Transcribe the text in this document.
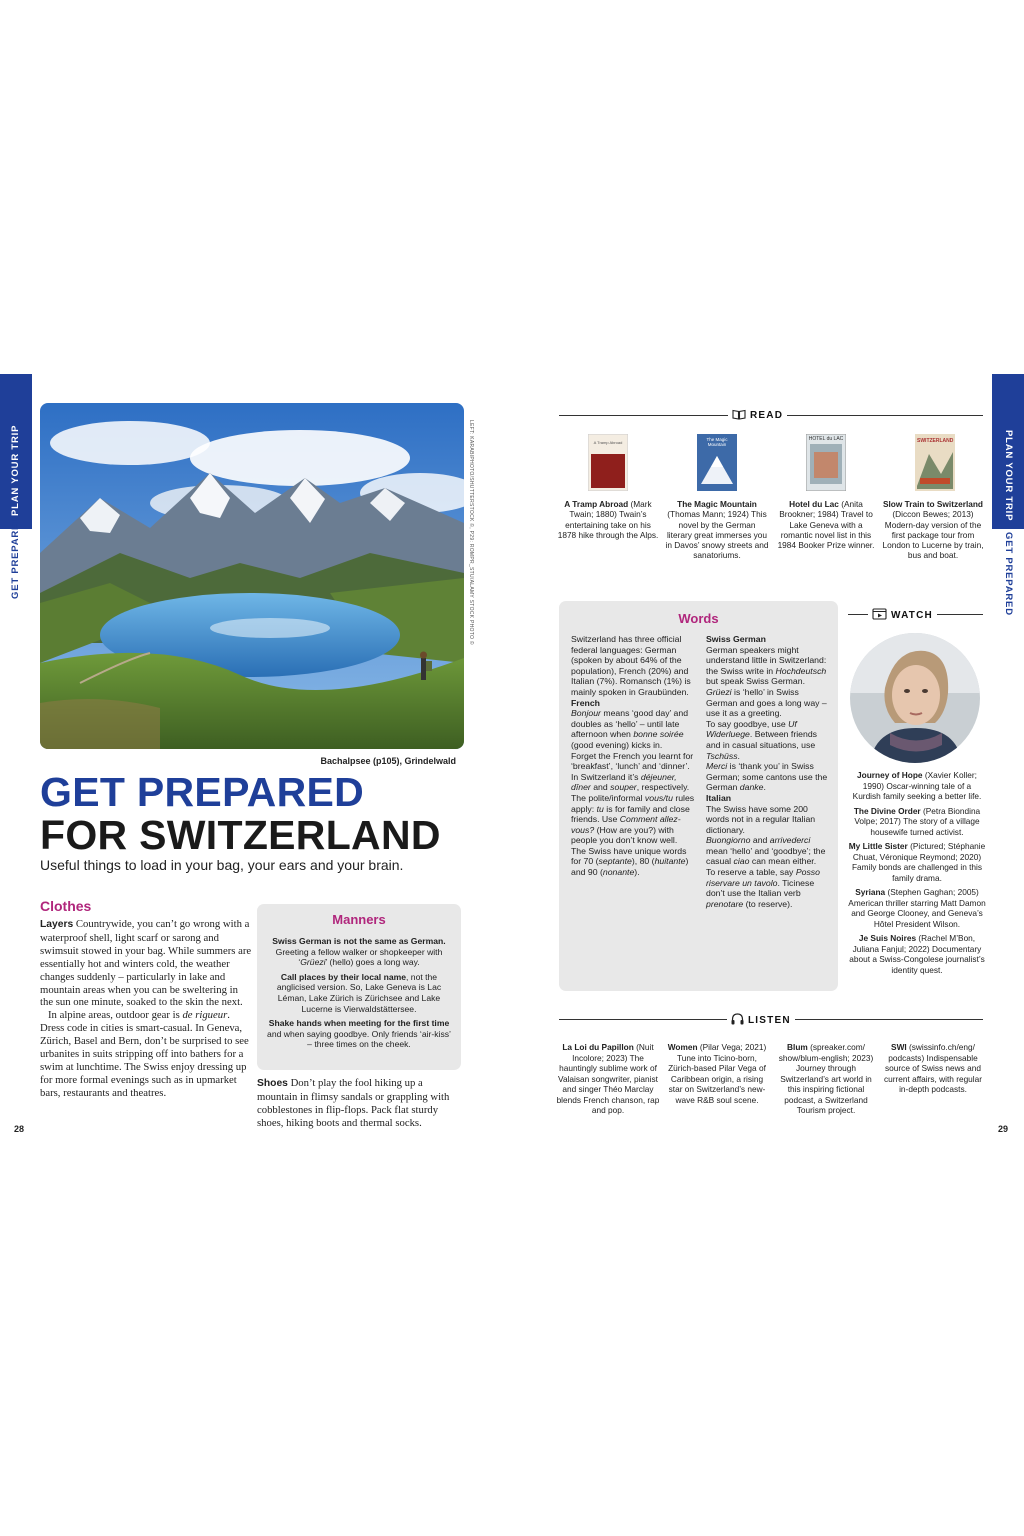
PLAN YOUR TRIP
GET PREPARED
PLAN YOUR TRIP
GET PREPARED
LEFT: KARABIPHOTO/SHUTTERSTOCK ©, P29: ROMPR_STU/ALAMY STOCK PHOTO ©
Bachalpsee (p105), Grindelwald
GET PREPARED
FOR SWITZERLAND
Useful things to load in your bag, your ears and your brain.
Clothes

Layers Countrywide, you can’t go wrong with a waterproof shell, light scarf or sarong and swimsuit stowed in your bag. While summers are essentially hot and winters cold, the weather changes suddenly – particularly in lake and mountain areas when you can be sweltering in the sun one minute, soaked to the skin the next.

In alpine areas, outdoor gear is de rigueur. Dress code in cities is smart-casual. In Geneva, Zürich, Basel and Bern, don’t be surprised to see urbanites in suits stripping off into bathers for a swim at lunchtime. The Swiss enjoy dressing up for more formal evenings such as in upmarket bars, restaurants and theatres.

Shoes Don’t play the fool hiking up a mountain in flimsy sandals or grappling with cobblestones in flip-flops. Pack flat sturdy shoes, hiking boots and thermal socks.

Manners

Swiss German is not the same as German. Greeting a fellow walker or shopkeeper with ‘Grüezi’ (hello) goes a long way.

Call places by their local name, not the anglicised version. So, Lake Geneva is Lac Léman, Lake Zürich is Zürichsee and Lake Lucerne is Vierwaldstättersee.

Shake hands when meeting for the first time and when saying goodbye. Only friends ‘air-kiss’ – three times on the cheek.

READ
A Tramp Abroad
The Magic Mountain
HOTEL du LAC	SWITZERLAND
A Tramp Abroad (Mark Twain; 1880) Twain’s entertaining take on his 1878 hike through the Alps.
The Magic Mountain (Thomas Mann; 1924) This novel by the German literary great immerses you in Davos’ snowy streets and sanatoriums.
Hotel du Lac (Anita Brookner; 1984) Travel to Lake Geneva with a romantic novel list in this 1984 Booker Prize winner.
Slow Train to Switzerland (Diccon Bewes; 2013) Modern-day version of the first package tour from London to Lucerne by train, bus and boat.
Words

Switzerland has three official federal languages: German (spoken by about 64% of the population), French (20%) and Italian (7%). Romansch (1%) is mainly spoken in Graubünden.

French

Bonjour means ‘good day’ and doubles as ‘hello’ – until late afternoon when bonne soirée (good evening) kicks in.

Forget the French you learnt for ‘breakfast’, ‘lunch’ and ‘dinner’. In Switzerland it’s déjeuner, dîner and souper, respectively.

The polite/informal vous/tu rules apply: tu is for family and close friends. Use Comment allez-vous? (How are you?) with people you don’t know well.

The Swiss have unique words for 70 (septante), 80 (huitante) and 90 (nonante).

Swiss German

German speakers might understand little in Switzerland: the Swiss write in Hochdeutsch but speak Swiss German.

Grüezi is ‘hello’ in Swiss German and goes a long way – use it as a greeting.

To say goodbye, use Uf Widerluege. Between friends and in casual situations, use Tschüss.

Merci is ‘thank you’ in Swiss German; some cantons use the German danke.

Italian

The Swiss have some 200 words not in a regular Italian dictionary.

Buongiorno and arrivederci mean ‘hello’ and ‘goodbye’; the casual ciao can mean either.

To reserve a table, say Posso riservare un tavolo. Ticinese don’t use the Italian verb prenotare (to reserve).

WATCH

Journey of Hope (Xavier Koller; 1990) Oscar-winning tale of a Kurdish family seeking a better life.

The Divine Order (Petra Biondina Volpe; 2017) The story of a village housewife turned activist.

My Little Sister (Pictured; Stéphanie Chuat, Véronique Reymond; 2020) Family bonds are challenged in this family drama.

Syriana (Stephen Gaghan; 2005) American thriller starring Matt Damon and George Clooney, and Geneva’s Hôtel President Wilson.

Je Suis Noires (Rachel M’Bon, Juliana Fanjul; 2022) Documentary about a Swiss-Congolese journalist’s identity quest.

LISTEN
La Loi du Papillon (Nuit Incolore; 2023) The hauntingly sublime work of Valaisan songwriter, pianist and singer Théo Marclay blends French chanson, rap and pop.
Women (Pilar Vega; 2021) Tune into Ticino-born, Zürich-based Pilar Vega of Caribbean origin, a rising star on Switzerland’s new-wave R&B soul scene.
Blum (spreaker.com/ show/blum-english; 2023) Journey through Switzerland’s art world in this inspiring fictional podcast, a Switzerland Tourism project.
SWI (swissinfo.ch/eng/ podcasts) Indispensable source of Swiss news and current affairs, with regular in-depth podcasts.
28	29
